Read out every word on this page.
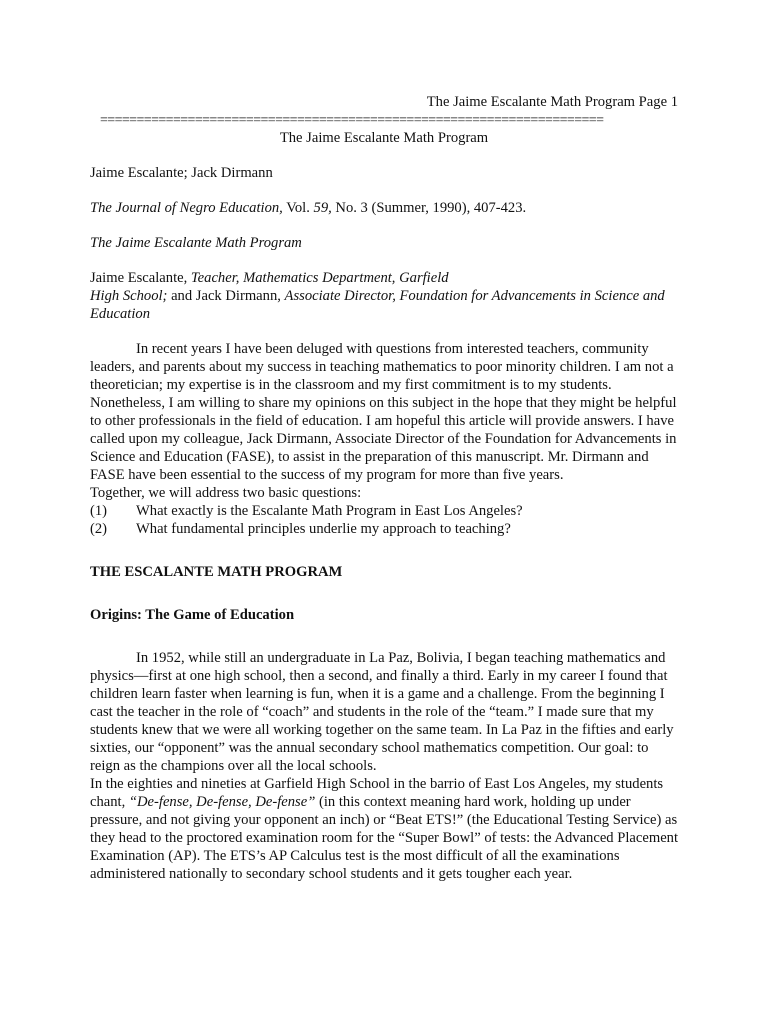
The Jaime Escalante Math Program Page 1
=====================================================================
The Jaime Escalante Math Program

Jaime Escalante; Jack Dirmann

The Journal of Negro Education, Vol. 59, No. 3 (Summer, 1990), 407-423.

The Jaime Escalante Math Program

Jaime Escalante, Teacher, Mathematics Department, Garfield

High School; and Jack Dirmann, Associate Director, Foundation for Advancements in Science and Education

In recent years I have been deluged with questions from interested teachers, community leaders, and parents about my success in teaching mathematics to poor minority children. I am not a theoretician; my expertise is in the classroom and my first commitment is to my students. Nonetheless, I am willing to share my opinions on this subject in the hope that they might be helpful to other professionals in the field of education. I am hopeful this article will provide answers. I have called upon my colleague, Jack Dirmann, Associate Director of the Foundation for Advancements in Science and Education (FASE), to assist in the preparation of this manuscript. Mr. Dirmann and FASE have been essential to the success of my program for more than five years.

Together, we will address two basic questions:

(1)	What exactly is the Escalante Math Program in East Los Angeles?
(2)	What fundamental principles underlie my approach to teaching?

THE ESCALANTE MATH PROGRAM

Origins: The Game of Education

In 1952, while still an undergraduate in La Paz, Bolivia, I began teaching mathematics and physics—first at one high school, then a second, and finally a third. Early in my career I found that children learn faster when learning is fun, when it is a game and a challenge. From the beginning I cast the teacher in the role of “coach” and students in the role of the “team.” I made sure that my students knew that we were all working together on the same team. In La Paz in the fifties and early sixties, our “opponent” was the annual secondary school mathematics competition. Our goal: to reign as the champions over all the local schools.

In the eighties and nineties at Garfield High School in the barrio of East Los Angeles, my students chant, “De-fense, De-fense, De-fense” (in this context meaning hard work, holding up under pressure, and not giving your opponent an inch) or “Beat ETS!” (the Educational Testing Service) as they head to the proctored examination room for the “Super Bowl” of tests: the Advanced Placement Examination (AP). The ETS’s AP Calculus test is the most difficult of all the examinations administered nationally to secondary school students and it gets tougher each year.
